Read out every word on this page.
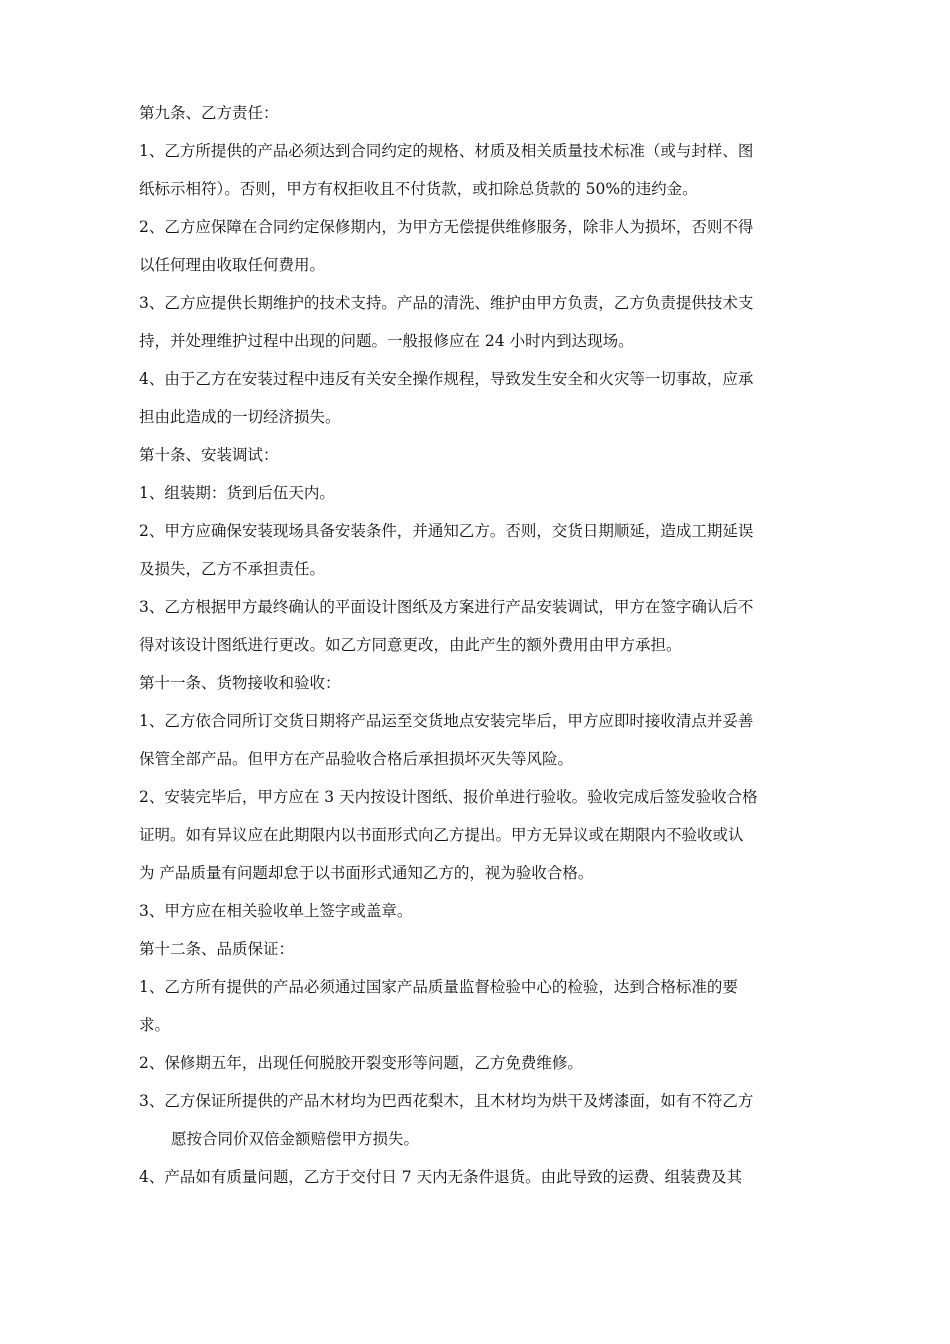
第九条、乙方责任：
1、乙方所提供的产品必须达到合同约定的规格、材质及相关质量技术标准（或与封样、图
纸标示相符）。否则，甲方有权拒收且不付货款，或扣除总货款的 50%的违约金。
2、乙方应保障在合同约定保修期内，为甲方无偿提供维修服务，除非人为损坏，否则不得
以任何理由收取任何费用。
3、乙方应提供长期维护的技术支持。产品的清洗、维护由甲方负责，乙方负责提供技术支
持，并处理维护过程中出现的问题。一般报修应在 24 小时内到达现场。
4、由于乙方在安装过程中违反有关安全操作规程，导致发生安全和火灾等一切事故，应承
担由此造成的一切经济损失。
第十条、安装调试：
1、组装期：货到后伍天内。
2、甲方应确保安装现场具备安装条件，并通知乙方。否则，交货日期顺延，造成工期延误
及损失，乙方不承担责任。
3、乙方根据甲方最终确认的平面设计图纸及方案进行产品安装调试，甲方在签字确认后不
得对该设计图纸进行更改。如乙方同意更改，由此产生的额外费用由甲方承担。
第十一条、货物接收和验收：
1、乙方依合同所订交货日期将产品运至交货地点安装完毕后，甲方应即时接收清点并妥善
保管全部产品。但甲方在产品验收合格后承担损坏灭失等风险。
2、安装完毕后，甲方应在 3 天内按设计图纸、报价单进行验收。验收完成后签发验收合格
证明。如有异议应在此期限内以书面形式向乙方提出。甲方无异议或在期限内不验收或认
为 产品质量有问题却怠于以书面形式通知乙方的，视为验收合格。
3、甲方应在相关验收单上签字或盖章。
第十二条、品质保证：
1、乙方所有提供的产品必须通过国家产品质量监督检验中心的检验，达到合格标准的要
求。
2、保修期五年，出现任何脱胶开裂变形等问题，乙方免费维修。
3、乙方保证所提供的产品木材均为巴西花梨木，且木材均为烘干及烤漆面，如有不符乙方
愿按合同价双倍金额赔偿甲方损失。
4、产品如有质量问题，乙方于交付日 7 天内无条件退货。由此导致的运费、组装费及其
